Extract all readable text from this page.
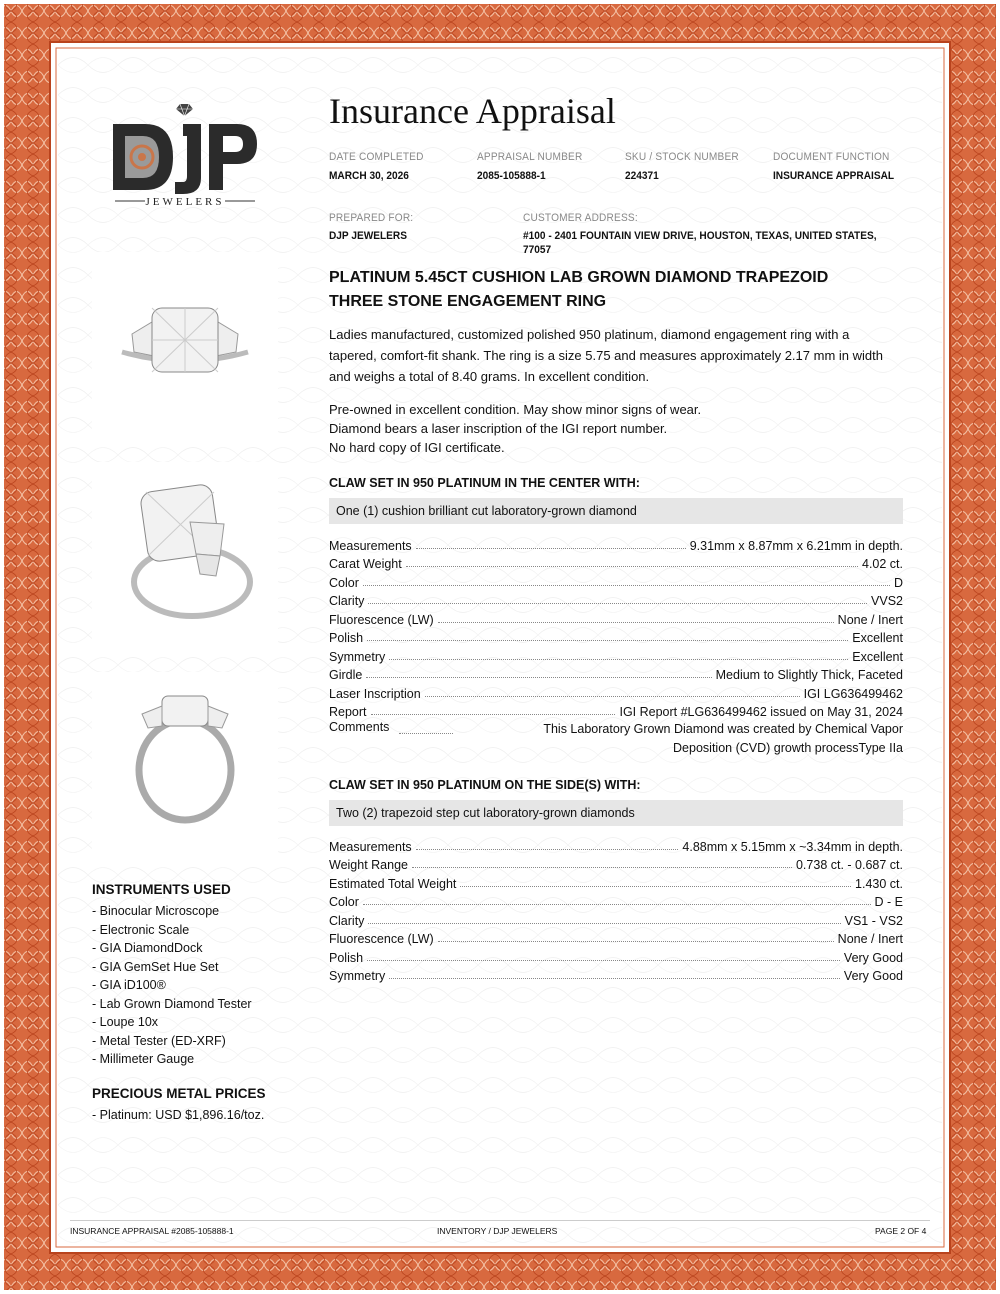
JEWELERS
Insurance Appraisal
DATE COMPLETED
MARCH 30, 2026
APPRAISAL NUMBER
2085-105888-1
SKU / STOCK NUMBER
224371
DOCUMENT FUNCTION
INSURANCE APPRAISAL
PREPARED FOR:
DJP JEWELERS
CUSTOMER ADDRESS:
#100 - 2401 FOUNTAIN VIEW DRIVE, HOUSTON, TEXAS, UNITED STATES,
77057
PLATINUM 5.45CT CUSHION LAB GROWN DIAMOND TRAPEZOID
THREE STONE ENGAGEMENT RING
Ladies manufactured, customized polished 950 platinum, diamond engagement ring with a
tapered, comfort-fit shank. The ring is a size 5.75 and measures approximately 2.17 mm in width
and weighs a total of 8.40 grams. In excellent condition.
Pre-owned in excellent condition. May show minor signs of wear.
Diamond bears a laser inscription of the IGI report number.
No hard copy of IGI certificate.
CLAW SET IN 950 PLATINUM IN THE CENTER WITH:
One (1) cushion brilliant cut laboratory-grown diamond
Measurements	9.31mm x 8.87mm x 6.21mm in depth.
Carat Weight	4.02 ct.
Color	D
Clarity	VVS2
Fluorescence (LW)	None / Inert
Polish	Excellent
Symmetry	Excellent
Girdle	Medium to Slightly Thick, Faceted
Laser Inscription	IGI LG636499462
Report	IGI Report #LG636499462 issued on May 31, 2024
Comments	This Laboratory Grown Diamond was created by Chemical Vapor
Deposition (CVD) growth processType IIa
CLAW SET IN 950 PLATINUM ON THE SIDE(S) WITH:
Two (2) trapezoid step cut laboratory-grown diamonds
Measurements	4.88mm x 5.15mm x ~3.34mm in depth.
Weight Range	0.738 ct. - 0.687 ct.
Estimated Total Weight	1.430 ct.
Color	D - E
Clarity	VS1 - VS2
Fluorescence (LW)	None / Inert
Polish	Very Good
Symmetry	Very Good
INSTRUMENTS USED
- Binocular Microscope
- Electronic Scale
- GIA DiamondDock
- GIA GemSet Hue Set
- GIA iD100®
- Lab Grown Diamond Tester
- Loupe 10x
- Metal Tester (ED-XRF)
- Millimeter Gauge
PRECIOUS METAL PRICES
- Platinum: USD $1,896.16/toz.
INSURANCE APPRAISAL #2085-105888-1	INVENTORY / DJP JEWELERS	PAGE 2 OF 4
